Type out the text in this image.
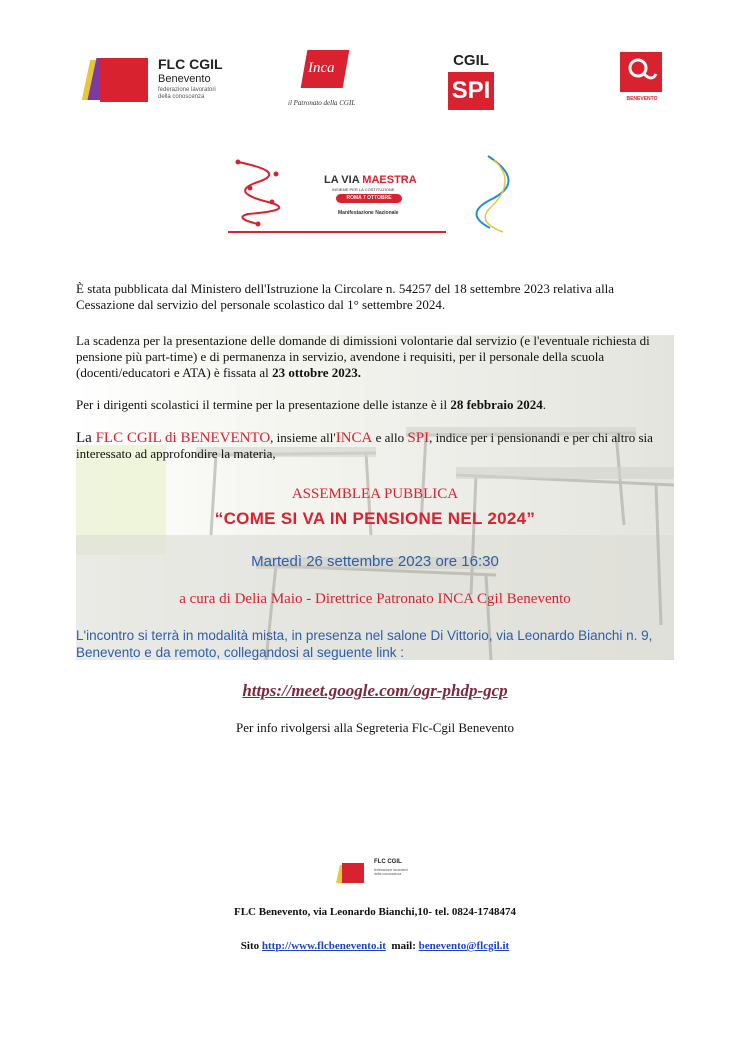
FLC CGIL
Benevento
federazione lavoratori della conoscenza
Inca
il Patronato della CGIL
CGIL
SPI	BENEVENTO
LA VIA MAESTRA
INSIEME PER LA COSTITUZIONE
ROMA 7 OTTOBRE
Manifestazione Nazionale
È stata pubblicata dal Ministero dell'Istruzione la Circolare n. 54257 del 18 settembre 2023 relativa alla Cessazione dal servizio del personale scolastico dal 1° settembre 2024.
La scadenza per la presentazione delle domande di dimissioni volontarie dal servizio (e l'eventuale richiesta di pensione più part-time) e di permanenza in servizio, avendone i requisiti, per il personale della scuola (docenti/educatori e ATA) è fissata al 23 ottobre 2023.
Per i dirigenti scolastici il termine per la presentazione delle istanze è il 28 febbraio 2024.
La FLC CGIL di BENEVENTO, insieme all'INCA e allo SPI, indice per i pensionandi e per chi altro sia interessato ad approfondire la materia,
ASSEMBLEA PUBBLICA
“COME SI VA IN PENSIONE NEL 2024”
Martedì 26 settembre 2023 ore 16:30
a cura di Delia Maio - Direttrice Patronato INCA Cgil Benevento
L'incontro si terrà in modalità mista, in presenza nel salone Di Vittorio, via Leonardo Bianchi n. 9, Benevento e da remoto, collegandosi al seguente link :
https://meet.google.com/ogr-phdp-gcp
Per info rivolgersi alla Segreteria Flc-Cgil Benevento
FLC CGIL
federazione lavoratori della conoscenza
FLC Benevento, via Leonardo Bianchi,10- tel. 0824-1748474
Sito http://www.flcbenevento.it  mail: benevento@flcgil.it
